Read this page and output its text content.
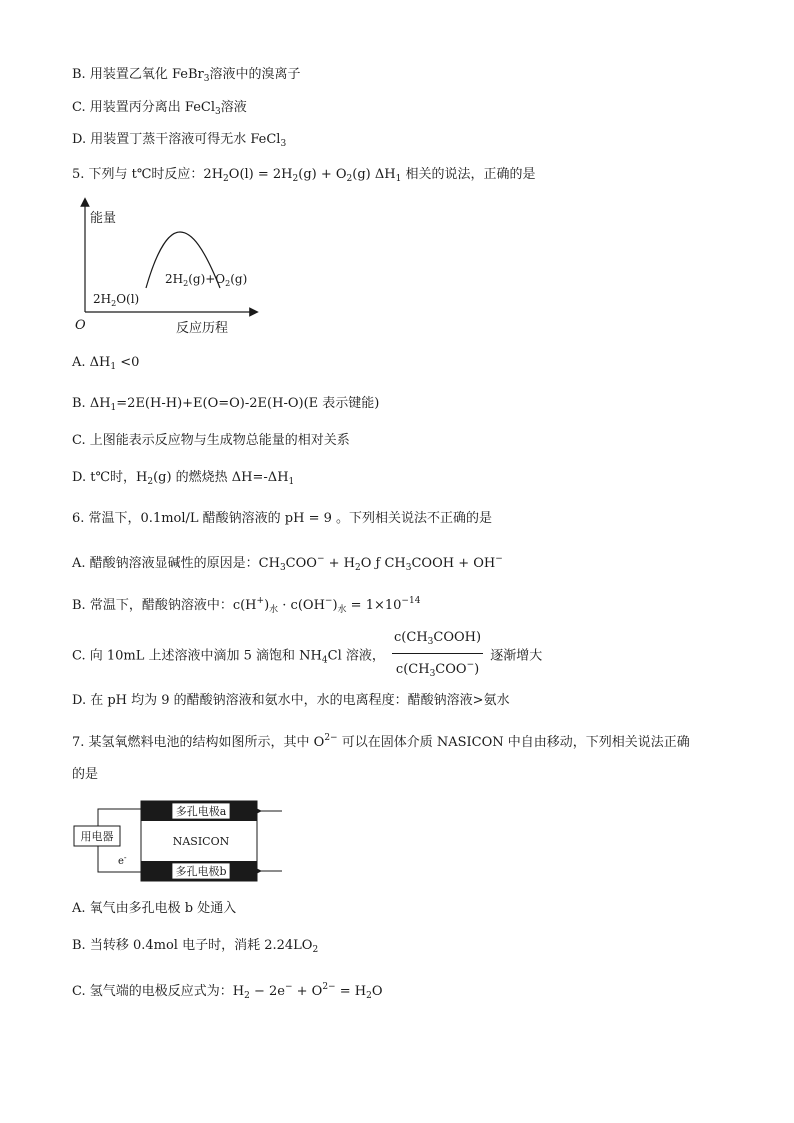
B. 用装置乙氧化 FeBr$_3$溶液中的溴离子
C. 用装置丙分离出 FeCl$_3$溶液
D. 用装置丁蒸干溶液可得无水 FeCl$_3$
5. 下列与 t℃时反应：$2H_2O(l) = 2H_2(g) + O_2(g)$ $\Delta H_1$ 相关的说法，正确的是
能量
O	反应历程
$2H_2(g)+O_2(g)$
$2H_2O(l)$
A. $\Delta H_1 <0$
B. $\Delta H_1=2E(H-H)+E(O=O)-2E(H-O)(E$ 表示键能)
C. 上图能表示反应物与生成物总能量的相对关系
D. t℃时，$H_2(g)$ 的燃烧热 $\Delta H=-\Delta H_1$
6. 常温下，0.1mol/L 醋酸钠溶液的 pH = 9 。下列相关说法不正确的是
A. 醋酸钠溶液显碱性的原因是：$CH_3COO^- + H_2O$ ƒ $CH_3COOH + OH^-$
B. 常温下，醋酸钠溶液中：$c(H^+)_水 \cdot c(OH^-)_水 = 1\times 10^{-14}$
C. 向 10mL 上述溶液中滴加 5 滴饱和 $NH_4Cl$ 溶液， $\frac{c(CH_3COOH)}{c(CH_3COO^-)}$ 逐渐增大
D. 在 pH 均为 9 的醋酸钠溶液和氨水中，水的电离程度：醋酸钠溶液>氨水
7. 某氢氧燃料电池的结构如图所示，其中 $O^{2-}$ 可以在固体介质 NASICON 中自由移动，下列相关说法正确
的是
多孔电极a
多孔电极b
NASICON
用电器
e-
A. 氧气由多孔电极 b 处通入
B. 当转移 0.4mol 电子时，消耗 $2.24LO_2$
C. 氢气端的电极反应式为：$H_2 - 2e^- + O^{2-} = H_2O$
